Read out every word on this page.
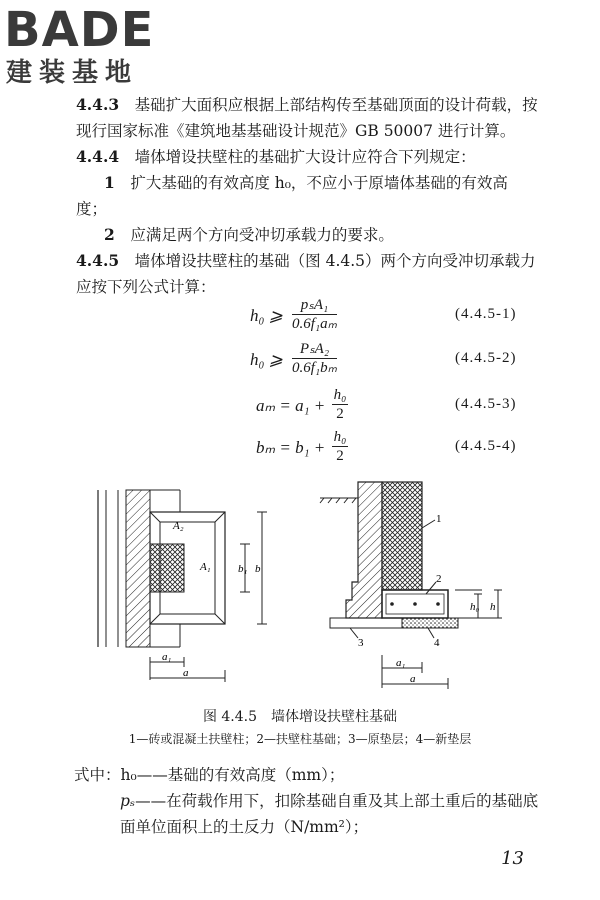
BADE
建装基地
4.4.3　 基础扩大面积应根据上部结构传至基础顶面的设计荷载，按现行国家标准《建筑地基基础设计规范》GB 50007 进行计算。
4.4.4　 墙体增设扶壁柱的基础扩大设计应符合下列规定：
1　 扩大基础的有效高度 h₀，不应小于原墙体基础的有效高度；
2　 应满足两个方向受冲切承载力的要求。
4.4.5　 墙体增设扶壁柱的基础（图 4.4.5）两个方向受冲切承载力应按下列公式计算：
h₀ ⩾
pₛA₁
0.6f₁aₘ
(4.4.5-1)
h₀ ⩾
PₛA₂
0.6f₁bₘ
(4.4.5-2)
$a_m = a_1 + \frac{\text{h₀}}{2}$	(4.4.5-3)
$b_m = b_1 + \frac{\text{h₀}}{2}$	(4.4.5-4)
A₂
A₁ b₁ b
a₁
a
1
2
3	4
h₀ h
a₁
a
图 4.4.5　墙体增设扶壁柱基础
1—砖或混凝土扶壁柱；2—扶壁柱基础；3—原垫层；4—新垫层
式中：h₀——基础的有效高度（mm）；
pₛ——在荷载作用下，扣除基础自重及其上部土重后的基础底面单位面积上的土反力（N/mm²）；
13
